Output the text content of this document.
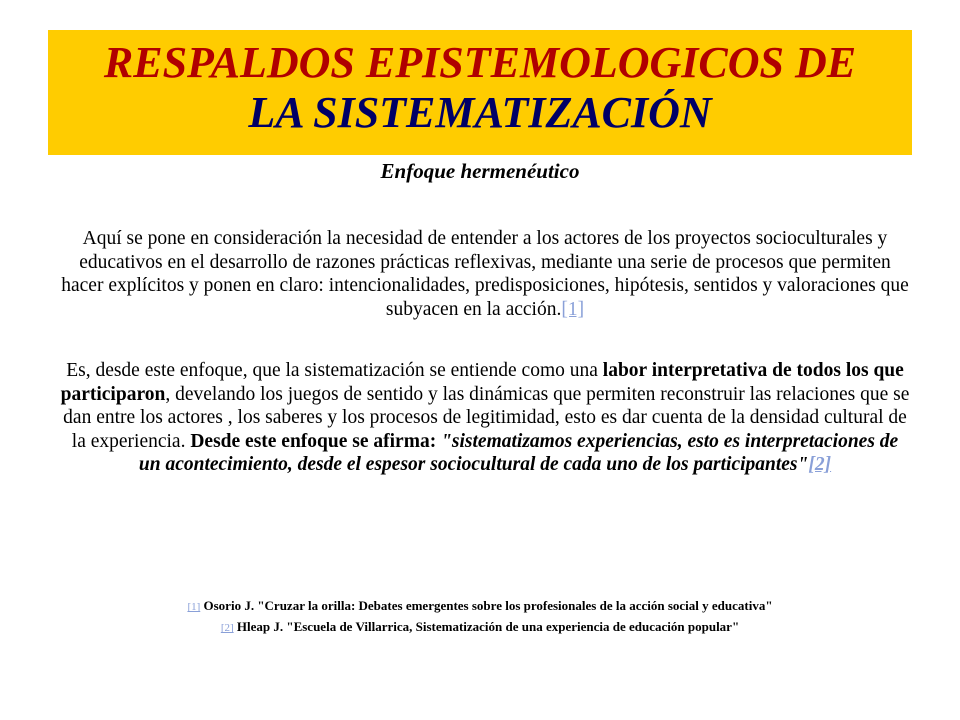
RESPALDOS EPISTEMOLOGICOS DE
LA SISTEMATIZACIÓN
Enfoque hermenéutico

Aquí se pone en consideración la necesidad de entender a los actores de los proyectos socioculturales y educativos en el desarrollo de razones prácticas reflexivas, mediante una serie de procesos que permiten hacer explícitos y ponen en claro: intencionalidades, predisposiciones, hipótesis, sentidos y valoraciones que subyacen en la acción.[1]

Es, desde este enfoque, que la sistematización se entiende como una labor interpretativa de todos los que participaron, develando los juegos de sentido y las dinámicas que permiten reconstruir las relaciones que se dan entre los actores , los saberes y los procesos de legitimidad, esto es dar cuenta de la densidad cultural de la experiencia. Desde este enfoque se afirma: "sistematizamos experiencias, esto es interpretaciones de un acontecimiento, desde el espesor sociocultural de cada uno de los participantes"[2]

[1] Osorio J. "Cruzar la orilla: Debates emergentes sobre los profesionales de la acción social y educativa"
[2] Hleap J. "Escuela de Villarrica, Sistematización de una experiencia de educación popular"
